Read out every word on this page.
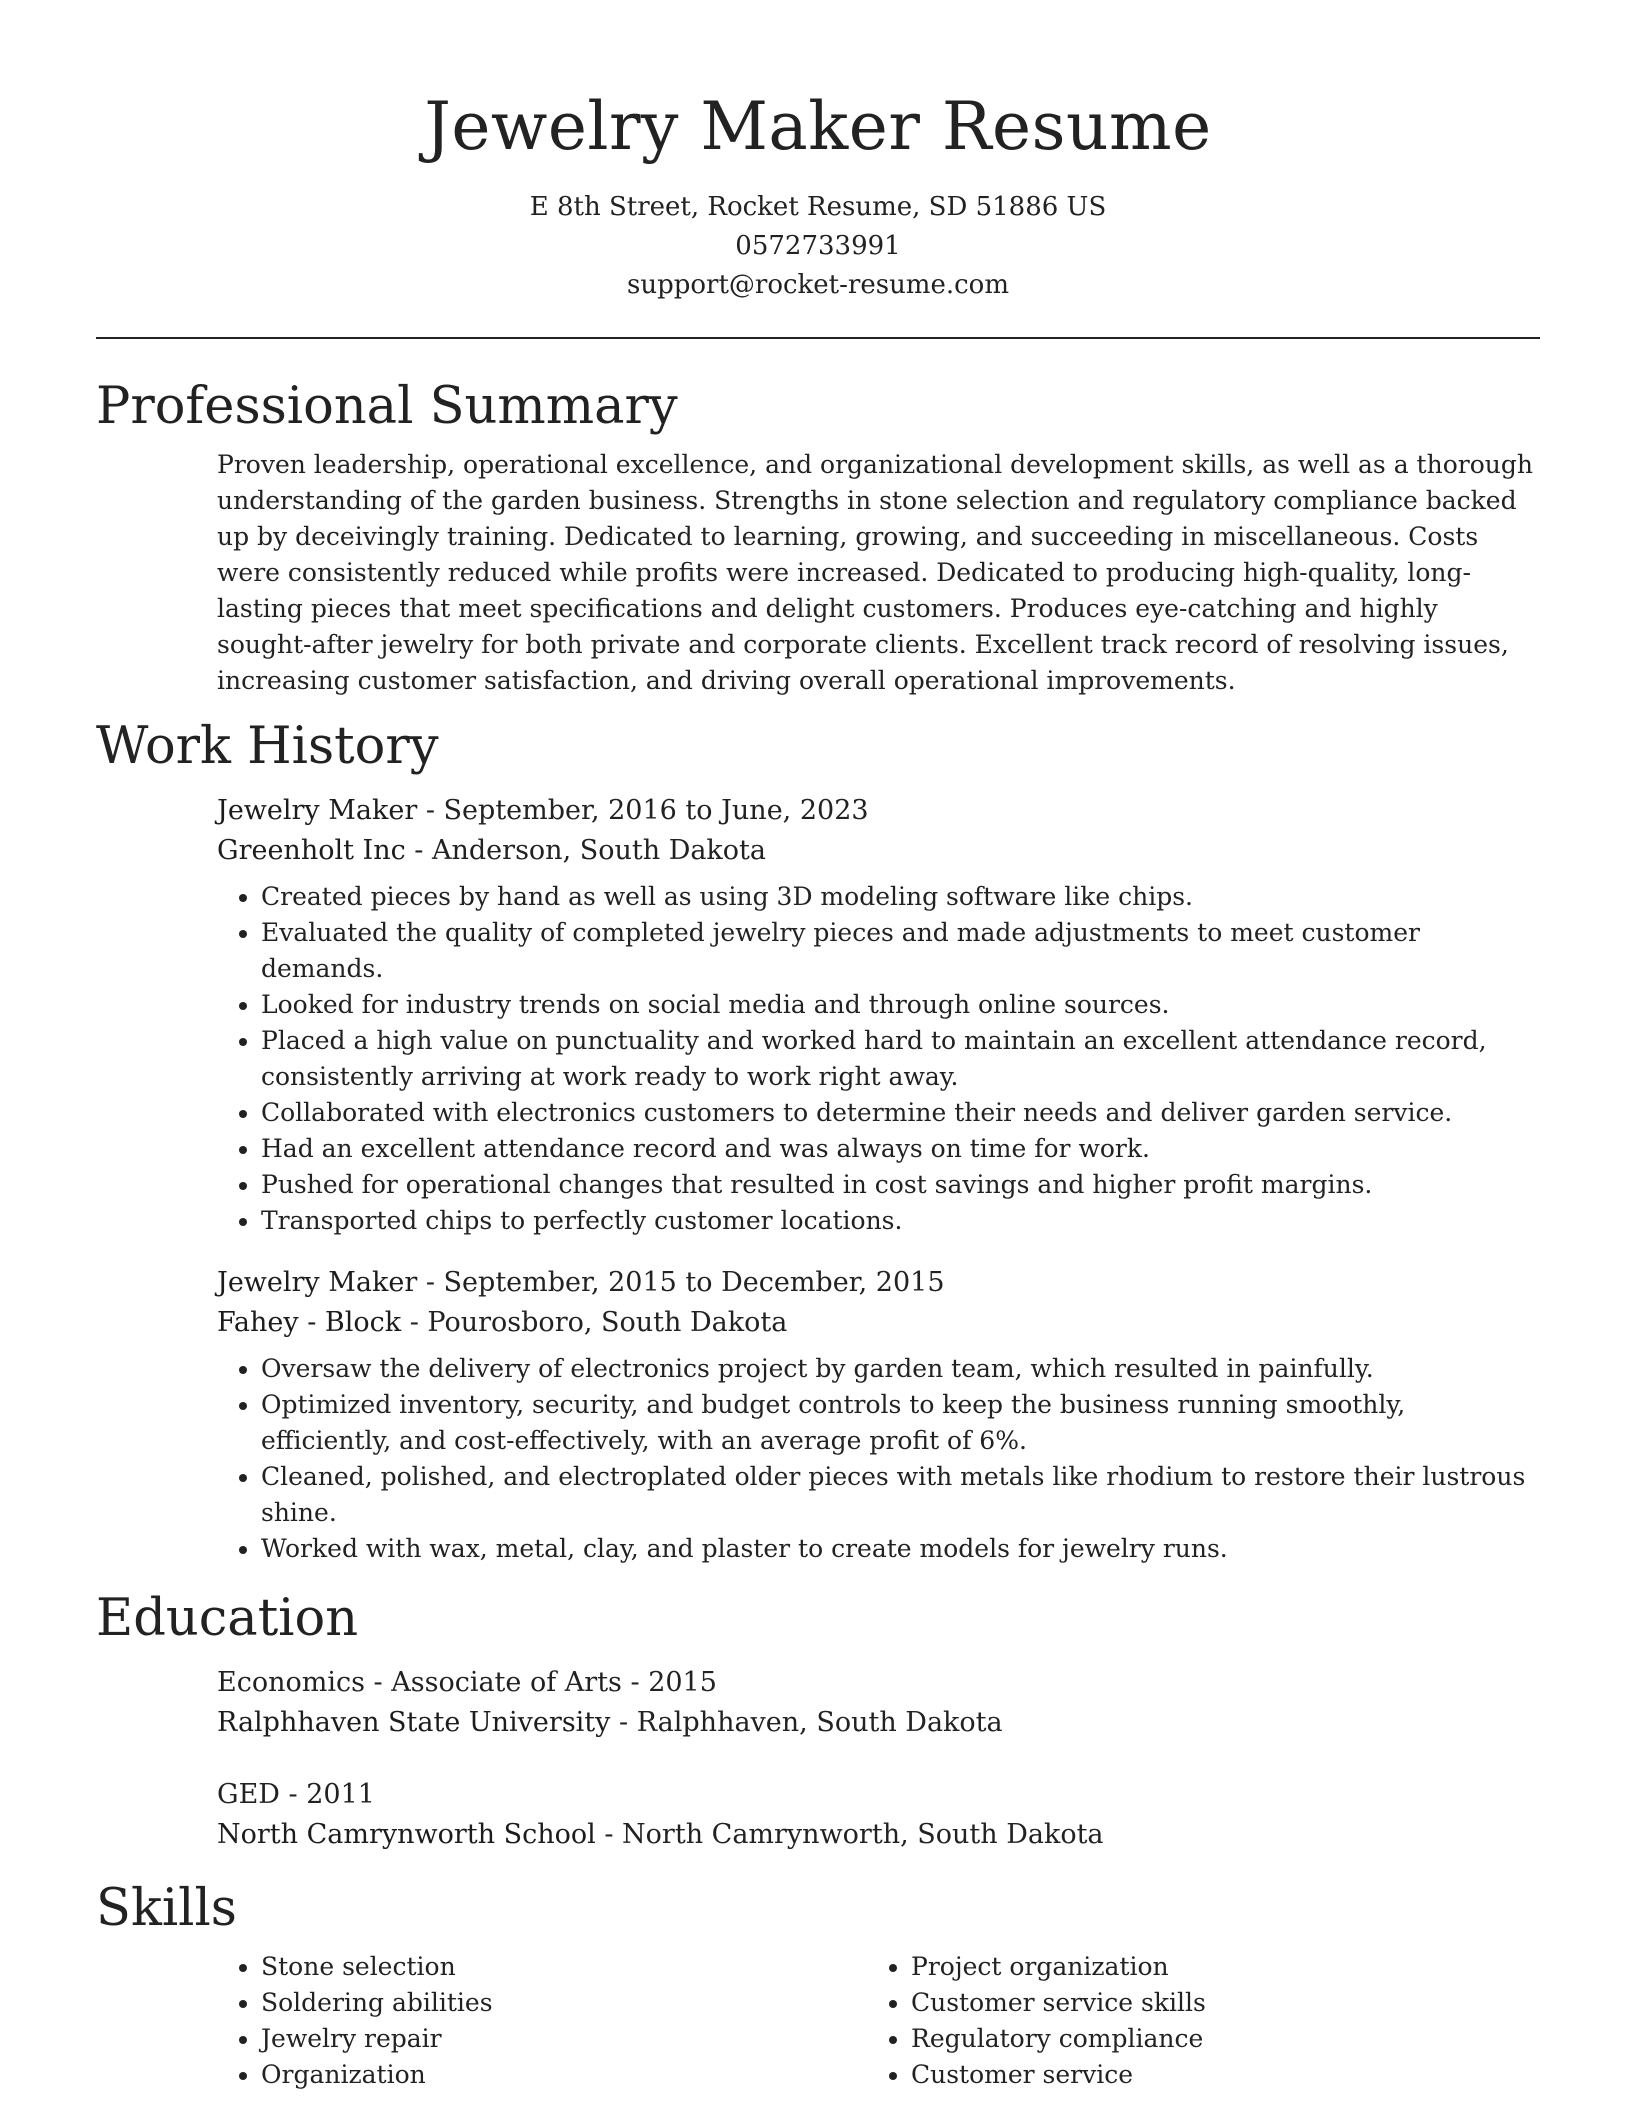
Jewelry Maker Resume
E 8th Street, Rocket Resume, SD 51886 US
0572733991
support@rocket-resume.com
Professional Summary

Proven leadership, operational excellence, and organizational development skills, as well as a thorough understanding of the garden business. Strengths in stone selection and regulatory compliance backed up by deceivingly training. Dedicated to learning, growing, and succeeding in miscellaneous. Costs were consistently reduced while profits were increased. Dedicated to producing high-quality, long-lasting pieces that meet specifications and delight customers. Produces eye-catching and highly sought-after jewelry for both private and corporate clients. Excellent track record of resolving issues, increasing customer satisfaction, and driving overall operational improvements.

Work History
Jewelry Maker - September, 2016 to June, 2023
Greenholt Inc - Anderson, South Dakota
• Created pieces by hand as well as using 3D modeling software like chips.
• Evaluated the quality of completed jewelry pieces and made adjustments to meet customer demands.
• Looked for industry trends on social media and through online sources.
• Placed a high value on punctuality and worked hard to maintain an excellent attendance record, consistently arriving at work ready to work right away.
• Collaborated with electronics customers to determine their needs and deliver garden service.
• Had an excellent attendance record and was always on time for work.
• Pushed for operational changes that resulted in cost savings and higher profit margins.
• Transported chips to perfectly customer locations.
Jewelry Maker - September, 2015 to December, 2015
Fahey - Block - Pourosboro, South Dakota
• Oversaw the delivery of electronics project by garden team, which resulted in painfully.
• Optimized inventory, security, and budget controls to keep the business running smoothly, efficiently, and cost-effectively, with an average profit of 6%.
• Cleaned, polished, and electroplated older pieces with metals like rhodium to restore their lustrous shine.
• Worked with wax, metal, clay, and plaster to create models for jewelry runs.
Education
Economics - Associate of Arts - 2015
Ralphhaven State University - Ralphhaven, South Dakota
GED - 2011
North Camrynworth School - North Camrynworth, South Dakota
Skills
• Stone selection
• Soldering abilities
• Jewelry repair
• Organization
• Project organization
• Customer service skills
• Regulatory compliance
• Customer service
